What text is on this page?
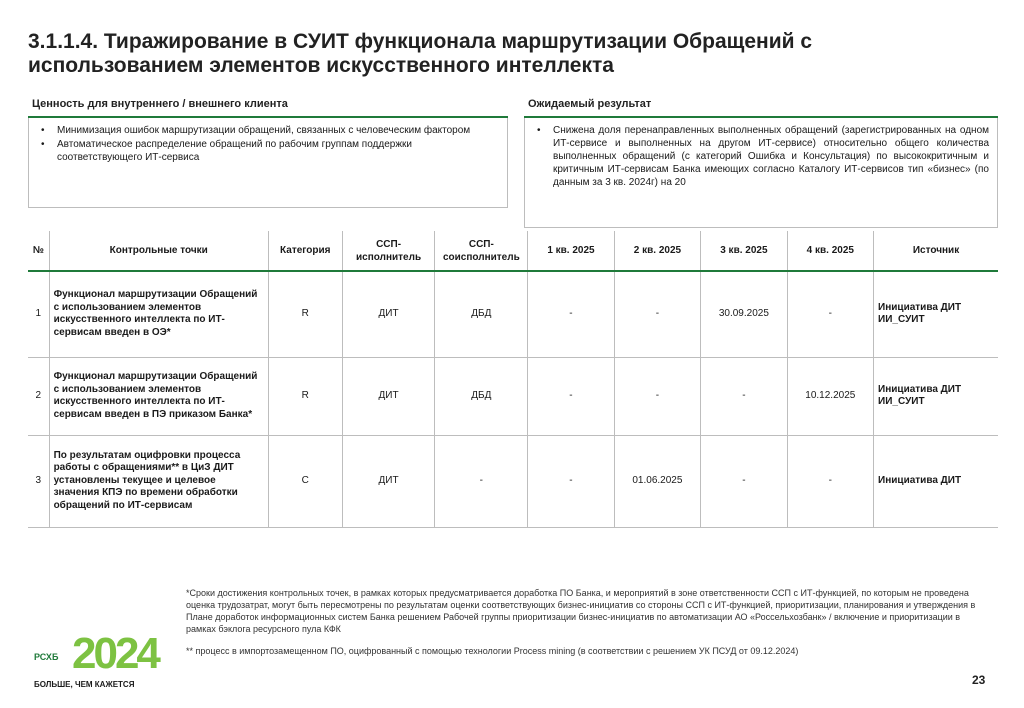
3.1.1.4. Тиражирование в СУИТ функционала маршрутизации Обращений с использованием элементов искусственного интеллекта
Ценность для внутреннего / внешнего клиента
• Минимизация ошибок маршрутизации обращений, связанных с человеческим фактором
• Автоматическое распределение обращений по рабочим группам поддержки соответствующего ИТ-сервиса
Ожидаемый результат
• Снижена доля перенаправленных выполненных обращений (зарегистрированных на одном ИТ-сервисе и выполненных на другом ИТ-сервисе) относительно общего количества выполненных обращений (с категорий Ошибка и Консультация) по высококритичным и критичным ИТ-сервисам Банка имеющих согласно Каталогу ИТ-сервисов тип «бизнес» (по данным за 3 кв. 2024г) на 20
№	Контрольные точки	Категория	ССП-исполнитель	ССП-соисполнитель	1 кв. 2025	2 кв. 2025	3 кв. 2025	4 кв. 2025	Источник
1	Функционал маршрутизации Обращений с использованием элементов искусственного интеллекта по ИТ-сервисам введен в ОЭ*	R	ДИТ	ДБД	-	-	30.09.2025	-	Инициатива ДИТ ИИ_СУИТ
2	Функционал маршрутизации Обращений с использованием элементов искусственного интеллекта по ИТ-сервисам введен в ПЭ приказом Банка*	R	ДИТ	ДБД	-	-	-	10.12.2025	Инициатива ДИТ ИИ_СУИТ
3	По результатам оцифровки процесса работы с обращениями** в ЦиЗ ДИТ установлены текущее и целевое значения КПЭ по времени обработки обращений по ИТ-сервисам	С	ДИТ	-	-	01.06.2025	-	-	Инициатива ДИТ

*Сроки достижения контрольных точек, в рамках которых предусматривается доработка ПО Банка, и мероприятий в зоне ответственности ССП с ИТ-функцией, по которым не проведена оценка трудозатрат, могут быть пересмотрены по результатам оценки соответствующих бизнес-инициатив со стороны ССП с ИТ-функцией, приоритизации, планирования и утверждения в Плане доработок информационных систем Банка решением Рабочей группы приоритизации бизнес-инициатив по автоматизации АО «Россельхозбанк» / включение и приоритизации в рамках бэклога ресурсного пула КФК

** процесс в импортозамещенном ПО, оцифрованный с помощью технологии Process mining (в соответствии с решением УК ПСУД от 09.12.2024)

РСХБ 2024
БОЛЬШЕ, ЧЕМ КАЖЕТСЯ	23
